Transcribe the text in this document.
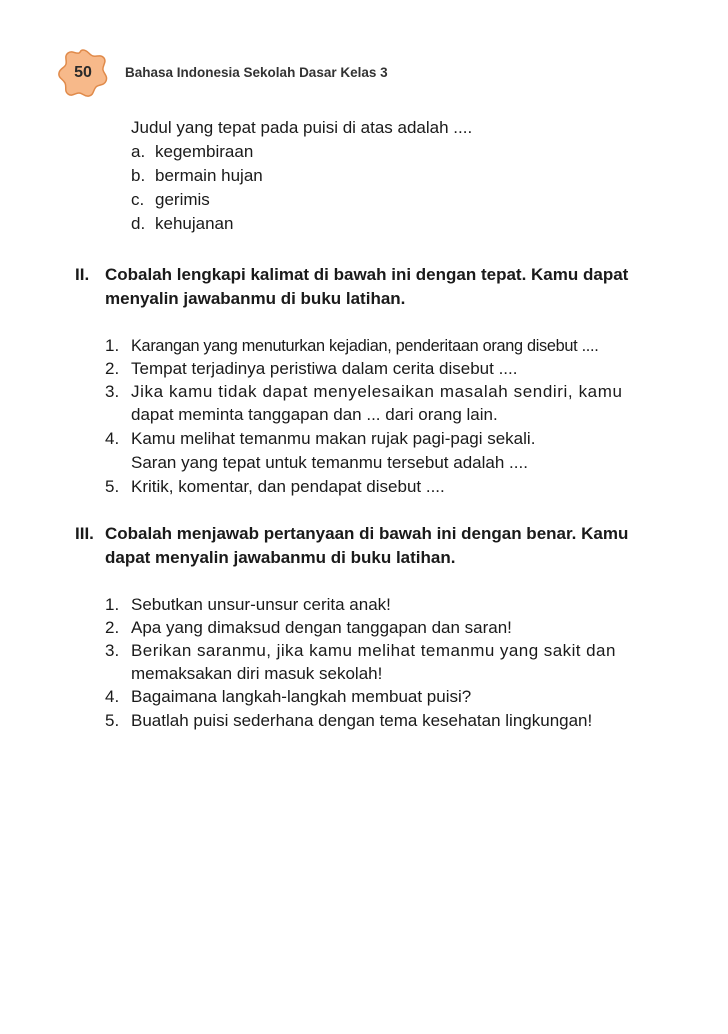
50	Bahasa Indonesia Sekolah Dasar Kelas 3
Judul yang tepat pada puisi di atas adalah ....
a. kegembiraan
b. bermain hujan
c. gerimis
d. kehujanan
II. Cobalah lengkapi kalimat di bawah ini dengan tepat. Kamu dapat
menyalin jawabanmu di buku latihan.
1. Karangan yang menuturkan kejadian, penderitaan orang disebut ....
2. Tempat terjadinya peristiwa dalam cerita disebut ....
3. Jika kamu tidak dapat menyelesaikan masalah sendiri, kamu
dapat meminta tanggapan dan ... dari orang lain.
4. Kamu melihat temanmu makan rujak pagi-pagi sekali.
Saran yang tepat untuk temanmu tersebut adalah ....
5. Kritik, komentar, dan pendapat disebut ....
III. Cobalah menjawab pertanyaan di bawah ini dengan benar. Kamu
dapat menyalin jawabanmu di buku latihan.
1. Sebutkan unsur-unsur cerita anak!
2. Apa yang dimaksud dengan tanggapan dan saran!
3. Berikan saranmu, jika kamu melihat temanmu yang sakit dan
memaksakan diri masuk sekolah!
4. Bagaimana langkah-langkah membuat puisi?
5. Buatlah puisi sederhana dengan tema kesehatan lingkungan!
